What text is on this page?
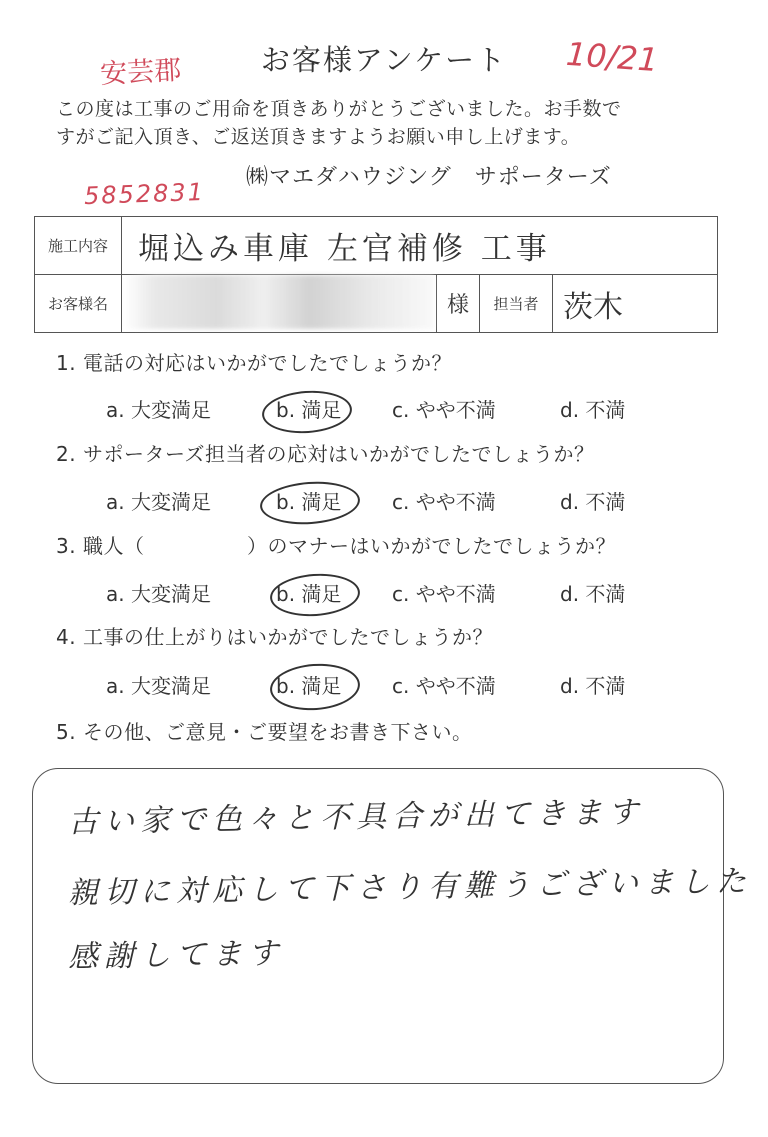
お客様アンケート
安芸郡	10/21
この度は工事のご用命を頂きありがとうございました。お手数で
すがご記入頂き、ご返送頂きますようお願い申し上げます。
5852831
㈱マエダハウジング　サポーターズ
施工内容	堀込み車庫 左官補修 工事			
お客様名		様	担当者	茨木
1. 電話の対応はいかがでしたでしょうか？
2. サポーターズ担当者の応対はいかがでしたでしょうか？
3. 職人（　　　　　）のマナーはいかがでしたでしょうか？
4. 工事の仕上がりはいかがでしたでしょうか？
a. 大変満足	b. 満足	c. やや不満	d. 不満
a. 大変満足	b. 満足	c. やや不満	d. 不満
a. 大変満足	b. 満足	c. やや不満	d. 不満
a. 大変満足	b. 満足	c. やや不満	d. 不満
5. その他、ご意見・ご要望をお書き下さい。
古い家で色々と不具合が出てきます
親切に対応して下さり有難うございました
感謝してます
